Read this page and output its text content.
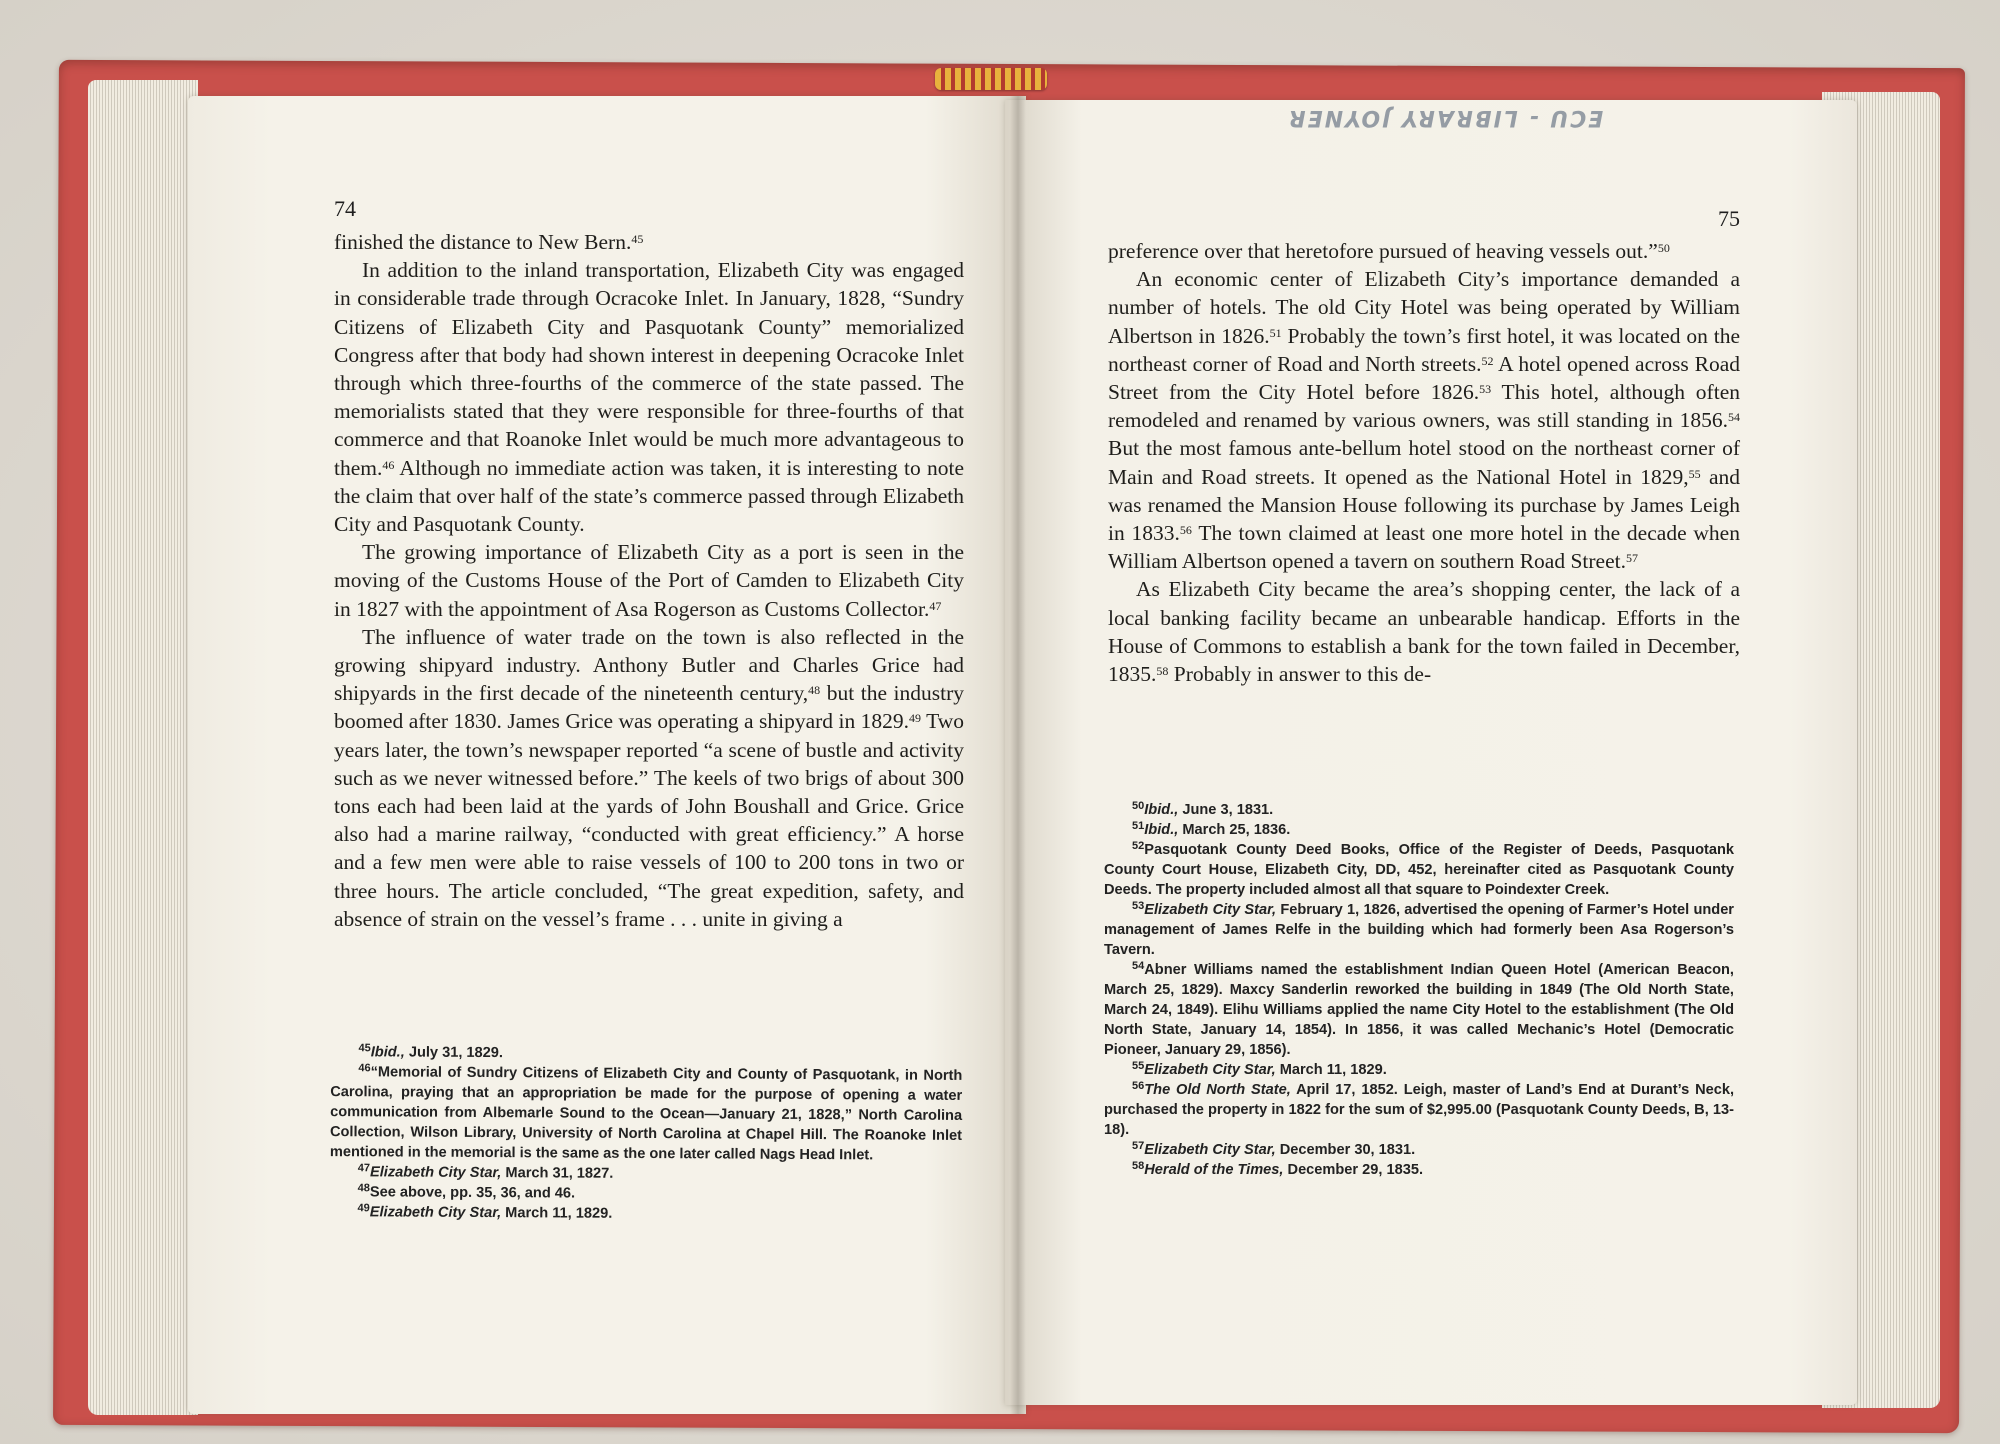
ECU - LIBRARY JOYNER
74	75

finished the distance to New Bern.$^{45}$

In addition to the inland transportation, Elizabeth City was engaged in considerable trade through Ocracoke Inlet. In January, 1828, “Sundry Citizens of Elizabeth City and Pasquotank County” memorialized Congress after that body had shown interest in deepening Ocracoke Inlet through which three-fourths of the commerce of the state passed. The memorialists stated that they were responsible for three-fourths of that commerce and that Roanoke Inlet would be much more advantageous to them.$^{46}$ Although no immediate action was taken, it is interesting to note the claim that over half of the state’s commerce passed through Elizabeth City and Pasquotank County.

The growing importance of Elizabeth City as a port is seen in the moving of the Customs House of the Port of Camden to Elizabeth City in 1827 with the appointment of Asa Rogerson as Customs Collector.$^{47}$

The influence of water trade on the town is also reflected in the growing shipyard industry. Anthony Butler and Charles Grice had shipyards in the first decade of the nineteenth century,$^{48}$ but the industry boomed after 1830. James Grice was operating a shipyard in 1829.49 Two years later, the town’s newspaper reported “a scene of bustle and activity such as we never witnessed before.” The keels of two brigs of about 300 tons each had been laid at the yards of John Boushall and Grice. Grice also had a marine railway, “conducted with great efficiency.” A horse and a few men were able to raise vessels of 100 to 200 tons in two or three hours. The article concluded, “The great expedition, safety, and absence of strain on the vessel’s frame . . . unite in giving a

$^{45}$Ibid., July 31, 1829.

$^{46}$“Memorial of Sundry Citizens of Elizabeth City and County of Pasquotank, in North Carolina, praying that an appropriation be made for the purpose of opening a water communication from Albemarle Sound to the Ocean—January 21, 1828,” North Carolina Collection, Wilson Library, University of North Carolina at Chapel Hill. The Roanoke Inlet mentioned in the memorial is the same as the one later called Nags Head Inlet.

$^{47}$Elizabeth City Star, March 31, 1827.

$^{48}$See above, pp. 35, 36, and 46.

$^{49}$Elizabeth City Star, March 11, 1829.

preference over that heretofore pursued of heaving vessels out.”$^{50}$

An economic center of Elizabeth City’s importance demanded a number of hotels. The old City Hotel was being operated by William Albertson in 1826.51 Probably the town’s first hotel, it was located on the northeast corner of Road and North streets.$^{52}$ A hotel opened across Road Street from the City Hotel before 1826.53 This hotel, although often remodeled and renamed by various owners, was still standing in 1856.54 But the most famous ante-bellum hotel stood on the northeast corner of Main and Road streets. It opened as the National Hotel in 1829,55 and was renamed the Mansion House following its purchase by James Leigh in 1833.56 The town claimed at least one more hotel in the decade when William Albertson opened a tavern on southern Road Street.$^{57}$

As Elizabeth City became the area’s shopping center, the lack of a local banking facility became an unbearable handicap. Efforts in the House of Commons to establish a bank for the town failed in December, 1835.58 Probably in answer to this de-

$^{50}$Ibid., June 3, 1831.

$^{51}$Ibid., March 25, 1836.

$^{52}$Pasquotank County Deed Books, Office of the Register of Deeds, Pasquotank County Court House, Elizabeth City, DD, 452, hereinafter cited as Pasquotank County Deeds. The property included almost all that square to Poindexter Creek.

$^{53}$Elizabeth City Star, February 1, 1826, advertised the opening of Farmer’s Hotel under management of James Relfe in the building which had formerly been Asa Rogerson’s Tavern.

$^{54}$Abner Williams named the establishment Indian Queen Hotel (American Beacon, March 25, 1829). Maxcy Sanderlin reworked the building in 1849 (The Old North State, March 24, 1849). Elihu Williams applied the name City Hotel to the establishment (The Old North State, January 14, 1854). In 1856, it was called Mechanic’s Hotel (Democratic Pioneer, January 29, 1856).

$^{55}$Elizabeth City Star, March 11, 1829.

$^{56}$The Old North State, April 17, 1852. Leigh, master of Land’s End at Durant’s Neck, purchased the property in 1822 for the sum of $2,995.00 (Pasquotank County Deeds, B, 13-18).

$^{57}$Elizabeth City Star, December 30, 1831.

$^{58}$Herald of the Times, December 29, 1835.
